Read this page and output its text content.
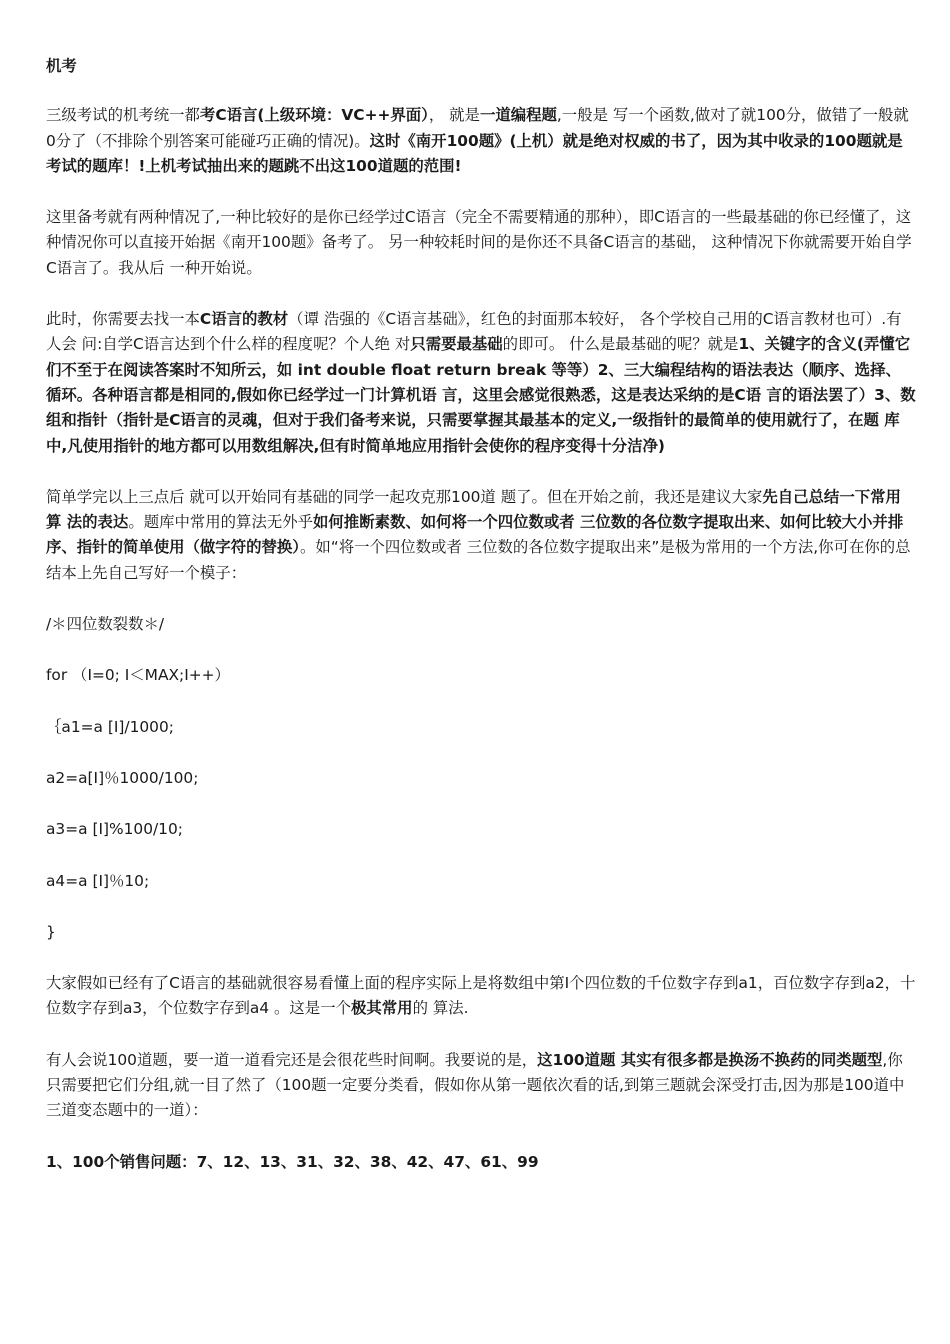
机考

三级考试的机考统一都考C语言(上级环境：VC++界面）， 就是一道编程题,一般是 写一个函数,做对了就100分，做错了一般就0分了（不排除个别答案可能碰巧正确的情况)。这时《南开100题》(上机）就是绝对权威的书了，因为其中收录的100题就是 考试的题库！!上机考试抽出来的题跳不出这100道题的范围!

这里备考就有两种情况了,一种比较好的是你已经学过C语言（完全不需要精通的那种），即C语言的一些最基础的你已经懂了，这种情况你可以直接开始据《南开100题》备考了。 另一种较耗时间的是你还不具备C语言的基础， 这种情况下你就需要开始自学C语言了。我从后 一种开始说。

此时，你需要去找一本C语言的教材（谭 浩强的《C语言基础》，红色的封面那本较好， 各个学校自己用的C语言教材也可）.有人会 问:自学C语言达到个什么样的程度呢？个人绝 对只需要最基础的即可。 什么是最基础的呢？就是1、关键字的含义(弄懂它们不至于在阅读答案时不知所云，如 int double float return break 等等）2、三大编程结构的语法表达（顺序、选择、循环。各种语言都是相同的,假如你已经学过一门计算机语 言，这里会感觉很熟悉，这是表达采纳的是C语 言的语法罢了）3、数组和指针（指针是C语言的灵魂，但对于我们备考来说，只需要掌握其最基本的定义,一级指针的最简单的使用就行了，在题 库中,凡使用指针的地方都可以用数组解决,但有时简单地应用指针会使你的程序变得十分洁净)

简单学完以上三点后 就可以开始同有基础的同学一起攻克那100道 题了。但在开始之前，我还是建议大家先自己总结一下常用算 法的表达。题库中常用的算法无外乎如何推断素数、如何将一个四位数或者 三位数的各位数字提取出来、如何比较大小并排序、指针的简单使用（做字符的替换）。如“将一个四位数或者 三位数的各位数字提取出来”是极为常用的一个方法,你可在你的总结本上先自己写好一个模子：

/＊四位数裂数＊/

for （I=0; I＜MAX;I++）

｛a1=a [I]/1000;

a2=a[I]％1000/100;

a3=a [I]%100/10;

a4=a [I]％10;

}

大家假如已经有了C语言的基础就很容易看懂上面的程序实际上是将数组中第I个四位数的千位数字存到a1，百位数字存到a2，十位数字存到a3，个位数字存到a4 。这是一个极其常用的 算法.

有人会说100道题，要一道一道看完还是会很花些时间啊。我要说的是，这100道题 其实有很多都是换汤不换药的同类题型,你只需要把它们分组,就一目了然了（100题一定要分类看，假如你从第一题依次看的话,到第三题就会深受打击,因为那是100道中三道变态题中的一道）：

1、100个销售问题：7、12、13、31、32、38、42、47、61、99
